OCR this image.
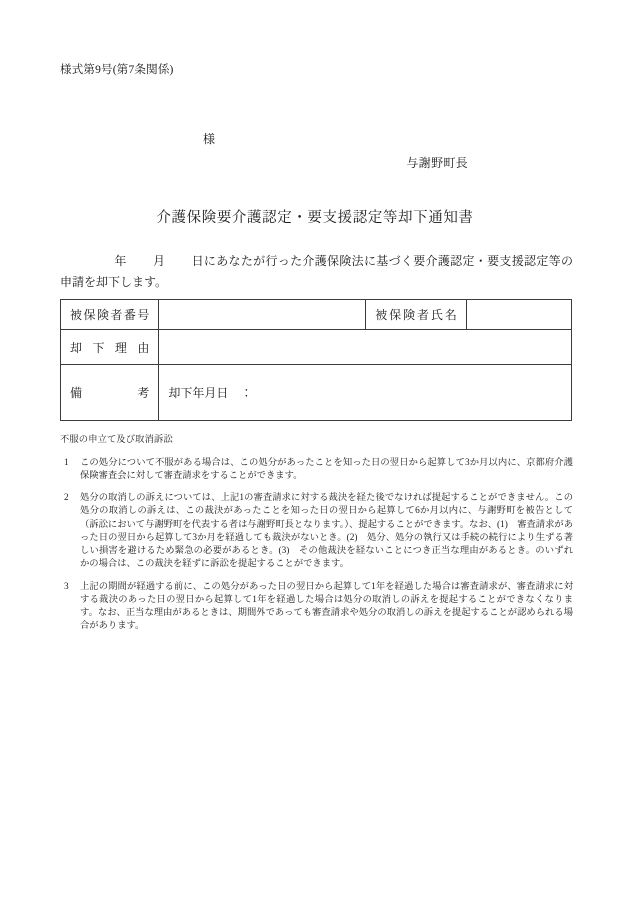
様式第9号(第7条関係)
様
与謝野町長
介護保険要介護認定・要支援認定等却下通知書
年 月 日にあなたが行った介護保険法に基づく要介護認定・要支援認定等の申請を却下します。
被保険者番号		被保険者氏名	
却下理由			
備考	却下年月日　：		

不服の申立て及び取消訴訟

1 この処分について不服がある場合は、この処分があったことを知った日の翌日から起算して3か月以内に、京都府介護保険審査会に対して審査請求をすることができます。

2 処分の取消しの訴えについては、上記1の審査請求に対する裁決を経た後でなければ提起することができません。この処分の取消しの訴えは、この裁決があったことを知った日の翌日から起算して6か月以内に、与謝野町を被告として（訴訟において与謝野町を代表する者は与謝野町長となります。）、提起することができます。なお、(1)　審査請求があった日の翌日から起算して3か月を経過しても裁決がないとき。(2)　処分、処分の執行又は手続の続行により生ずる著しい損害を避けるため緊急の必要があるとき。(3)　その他裁決を経ないことにつき正当な理由があるとき。のいずれかの場合は、この裁決を経ずに訴訟を提起することができます。

3 上記の期間が経過する前に、この処分があった日の翌日から起算して1年を経過した場合は審査請求が、審査請求に対する裁決のあった日の翌日から起算して1年を経過した場合は処分の取消しの訴えを提起することができなくなります。なお、正当な理由があるときは、期間外であっても審査請求や処分の取消しの訴えを提起することが認められる場合があります。
